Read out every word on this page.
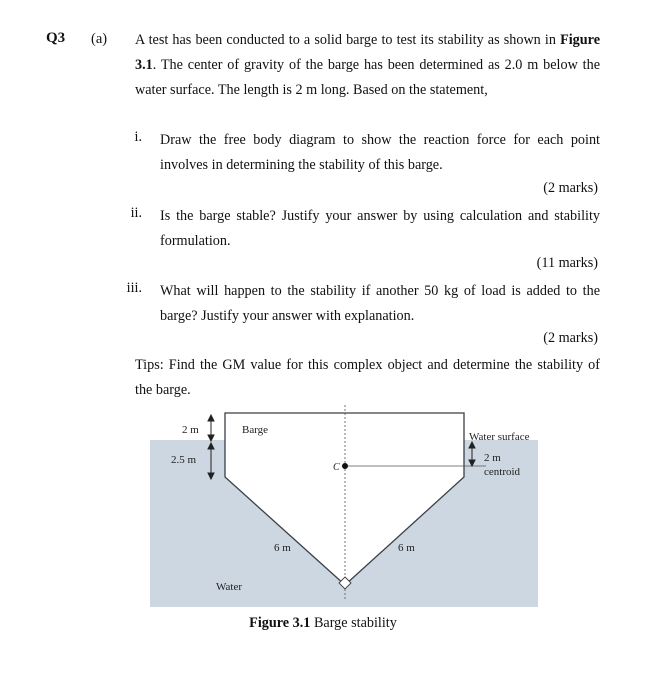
Q3 (a) A test has been conducted to a solid barge to test its stability as shown in Figure 3.1. The center of gravity of the barge has been determined as 2.0 m below the water surface. The length is 2 m long. Based on the statement,
i. Draw the free body diagram to show the reaction force for each point involves in determining the stability of this barge.
(2 marks)
ii. Is the barge stable? Justify your answer by using calculation and stability formulation.
(11 marks)
iii. What will happen to the stability if another 50 kg of load is added to the barge? Justify your answer with explanation.
(2 marks)
Tips: Find the GM value for this complex object and determine the stability of the barge.
2 m
2.5 m
Barge
Water surface
2 m
centroid
C
6 m	6 m
Water
Figure 3.1 Barge stability
